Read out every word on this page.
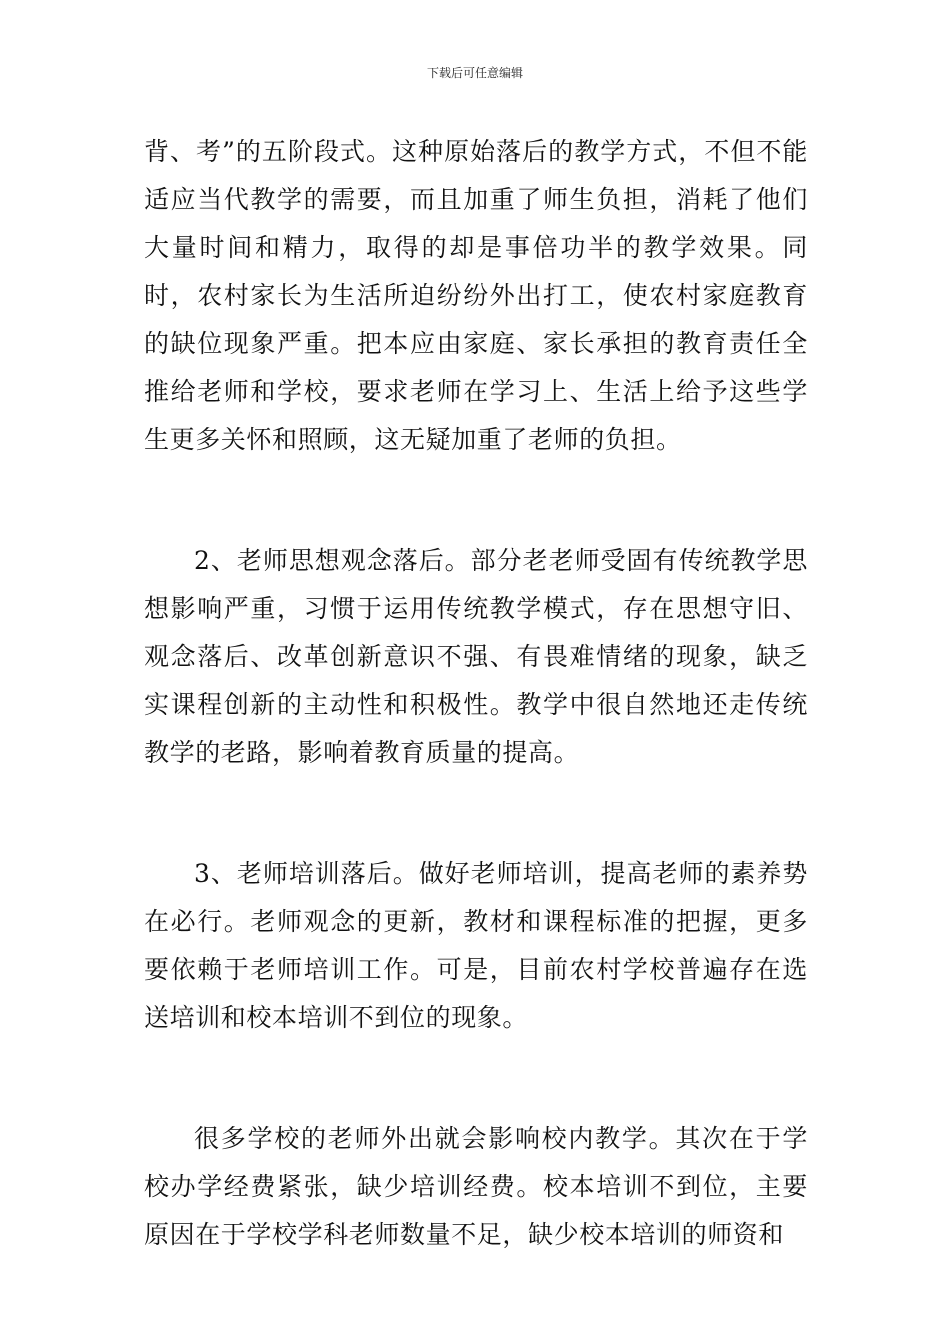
下载后可任意编辑

背、考”的五阶段式。这种原始落后的教学方式，不但不能适应当代教学的需要，而且加重了师生负担，消耗了他们大量时间和精力，取得的却是事倍功半的教学效果。同时，农村家长为生活所迫纷纷外出打工，使农村家庭教育的缺位现象严重。把本应由家庭、家长承担的教育责任全推给老师和学校，要求老师在学习上、生活上给予这些学生更多关怀和照顾，这无疑加重了老师的负担。

2、老师思想观念落后。部分老老师受固有传统教学思想影响严重，习惯于运用传统教学模式，存在思想守旧、观念落后、改革创新意识不强、有畏难情绪的现象，缺乏实课程创新的主动性和积极性。教学中很自然地还走传统教学的老路，影响着教育质量的提高。

3、老师培训落后。做好老师培训，提高老师的素养势在必行。老师观念的更新，教材和课程标准的把握，更多要依赖于老师培训工作。可是，目前农村学校普遍存在选送培训和校本培训不到位的现象。

很多学校的老师外出就会影响校内教学。其次在于学校办学经费紧张，缺少培训经费。校本培训不到位，主要原因在于学校学科老师数量不足，缺少校本培训的师资和
